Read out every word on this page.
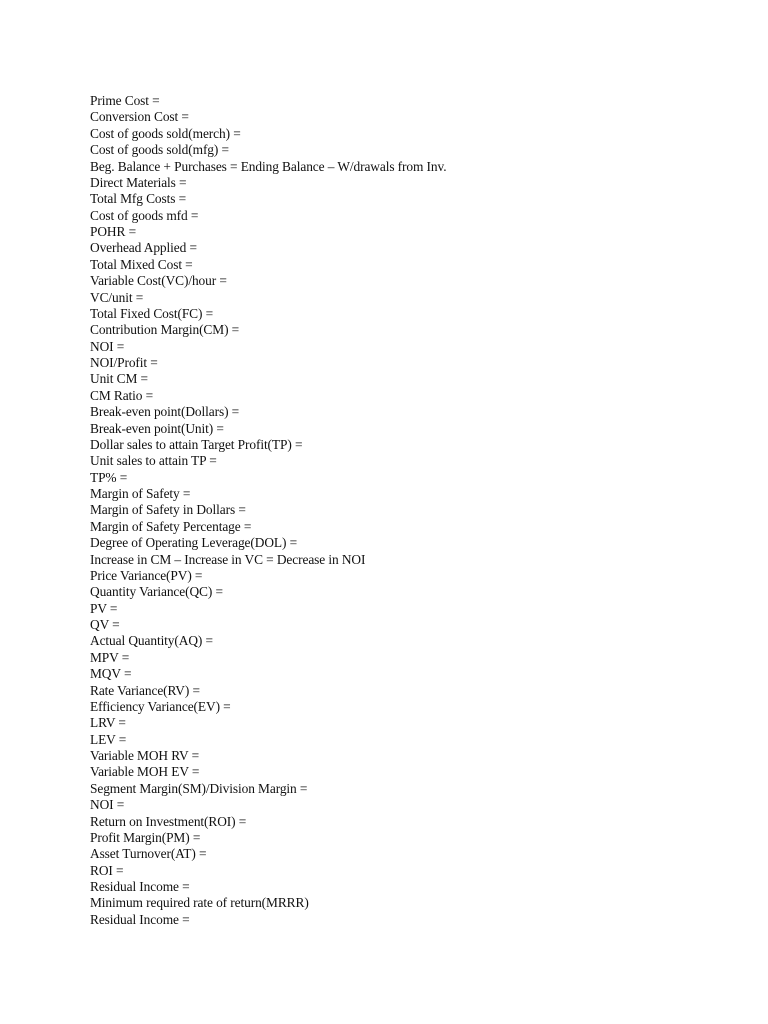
Prime Cost =
Conversion Cost =
Cost of goods sold(merch) =
Cost of goods sold(mfg) =
Beg. Balance + Purchases = Ending Balance – W/drawals from Inv.
Direct Materials =
Total Mfg Costs =
Cost of goods mfd =
POHR =
Overhead Applied =
Total Mixed Cost =
Variable Cost(VC)/hour =
VC/unit =
Total Fixed Cost(FC) =
Contribution Margin(CM) =
NOI =
NOI/Profit =
Unit CM =
CM Ratio =
Break-even point(Dollars) =
Break-even point(Unit) =
Dollar sales to attain Target Profit(TP) =
Unit sales to attain TP =
TP% =
Margin of Safety =
Margin of Safety in Dollars =
Margin of Safety Percentage =
Degree of Operating Leverage(DOL) =
Increase in CM – Increase in VC = Decrease in NOI
Price Variance(PV) =
Quantity Variance(QC) =
PV =
QV =
Actual Quantity(AQ) =
MPV =
MQV =
Rate Variance(RV) =
Efficiency Variance(EV) =
LRV =
LEV =
Variable MOH RV =
Variable MOH EV =
Segment Margin(SM)/Division Margin =
NOI =
Return on Investment(ROI) =
Profit Margin(PM) =
Asset Turnover(AT) =
ROI =
Residual Income =
Minimum required rate of return(MRRR)
Residual Income =
